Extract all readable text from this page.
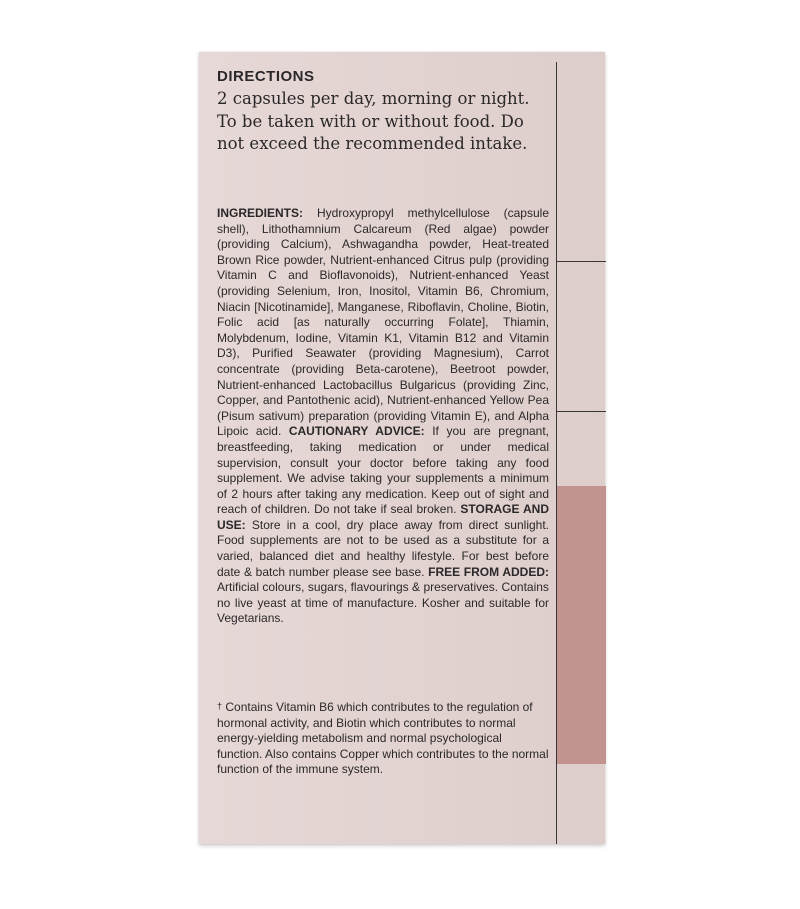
DIRECTIONS

2 capsules per day, morning or night. To be taken with or without food. Do not exceed the recommended intake.

INGREDIENTS: Hydroxypropyl methylcellulose (capsule shell), Lithothamnium Calcareum (Red algae) powder (providing Calcium), Ashwagandha powder, Heat-treated Brown Rice powder, Nutrient-enhanced Citrus pulp (providing Vitamin C and Bioflavonoids), Nutrient-enhanced Yeast (providing Selenium, Iron, Inositol, Vitamin B6, Chromium, Niacin [Nicotinamide], Manganese, Riboflavin, Choline, Biotin, Folic acid [as naturally occurring Folate], Thiamin, Molybdenum, Iodine, Vitamin K1, Vitamin B12 and Vitamin D3), Purified Seawater (providing Magnesium), Carrot concentrate (providing Beta-carotene), Beetroot powder, Nutrient-enhanced Lactobacillus Bulgaricus (providing Zinc, Copper, and Pantothenic acid), Nutrient-enhanced Yellow Pea (Pisum sativum) preparation (providing Vitamin E), and Alpha Lipoic acid. CAUTIONARY ADVICE: If you are pregnant, breastfeeding, taking medication or under medical supervision, consult your doctor before taking any food supplement. We advise taking your supplements a minimum of 2 hours after taking any medication. Keep out of sight and reach of children. Do not take if seal broken. STORAGE AND USE: Store in a cool, dry place away from direct sunlight. Food supplements are not to be used as a substitute for a varied, balanced diet and healthy lifestyle. For best before date & batch number please see base. FREE FROM ADDED: Artificial colours, sugars, flavourings & preservatives. Contains no live yeast at time of manufacture. Kosher and suitable for Vegetarians.

† Contains Vitamin B6 which contributes to the regulation of hormonal activity, and Biotin which contributes to normal energy-yielding metabolism and normal psychological function. Also contains Copper which contributes to the normal function of the immune system.
